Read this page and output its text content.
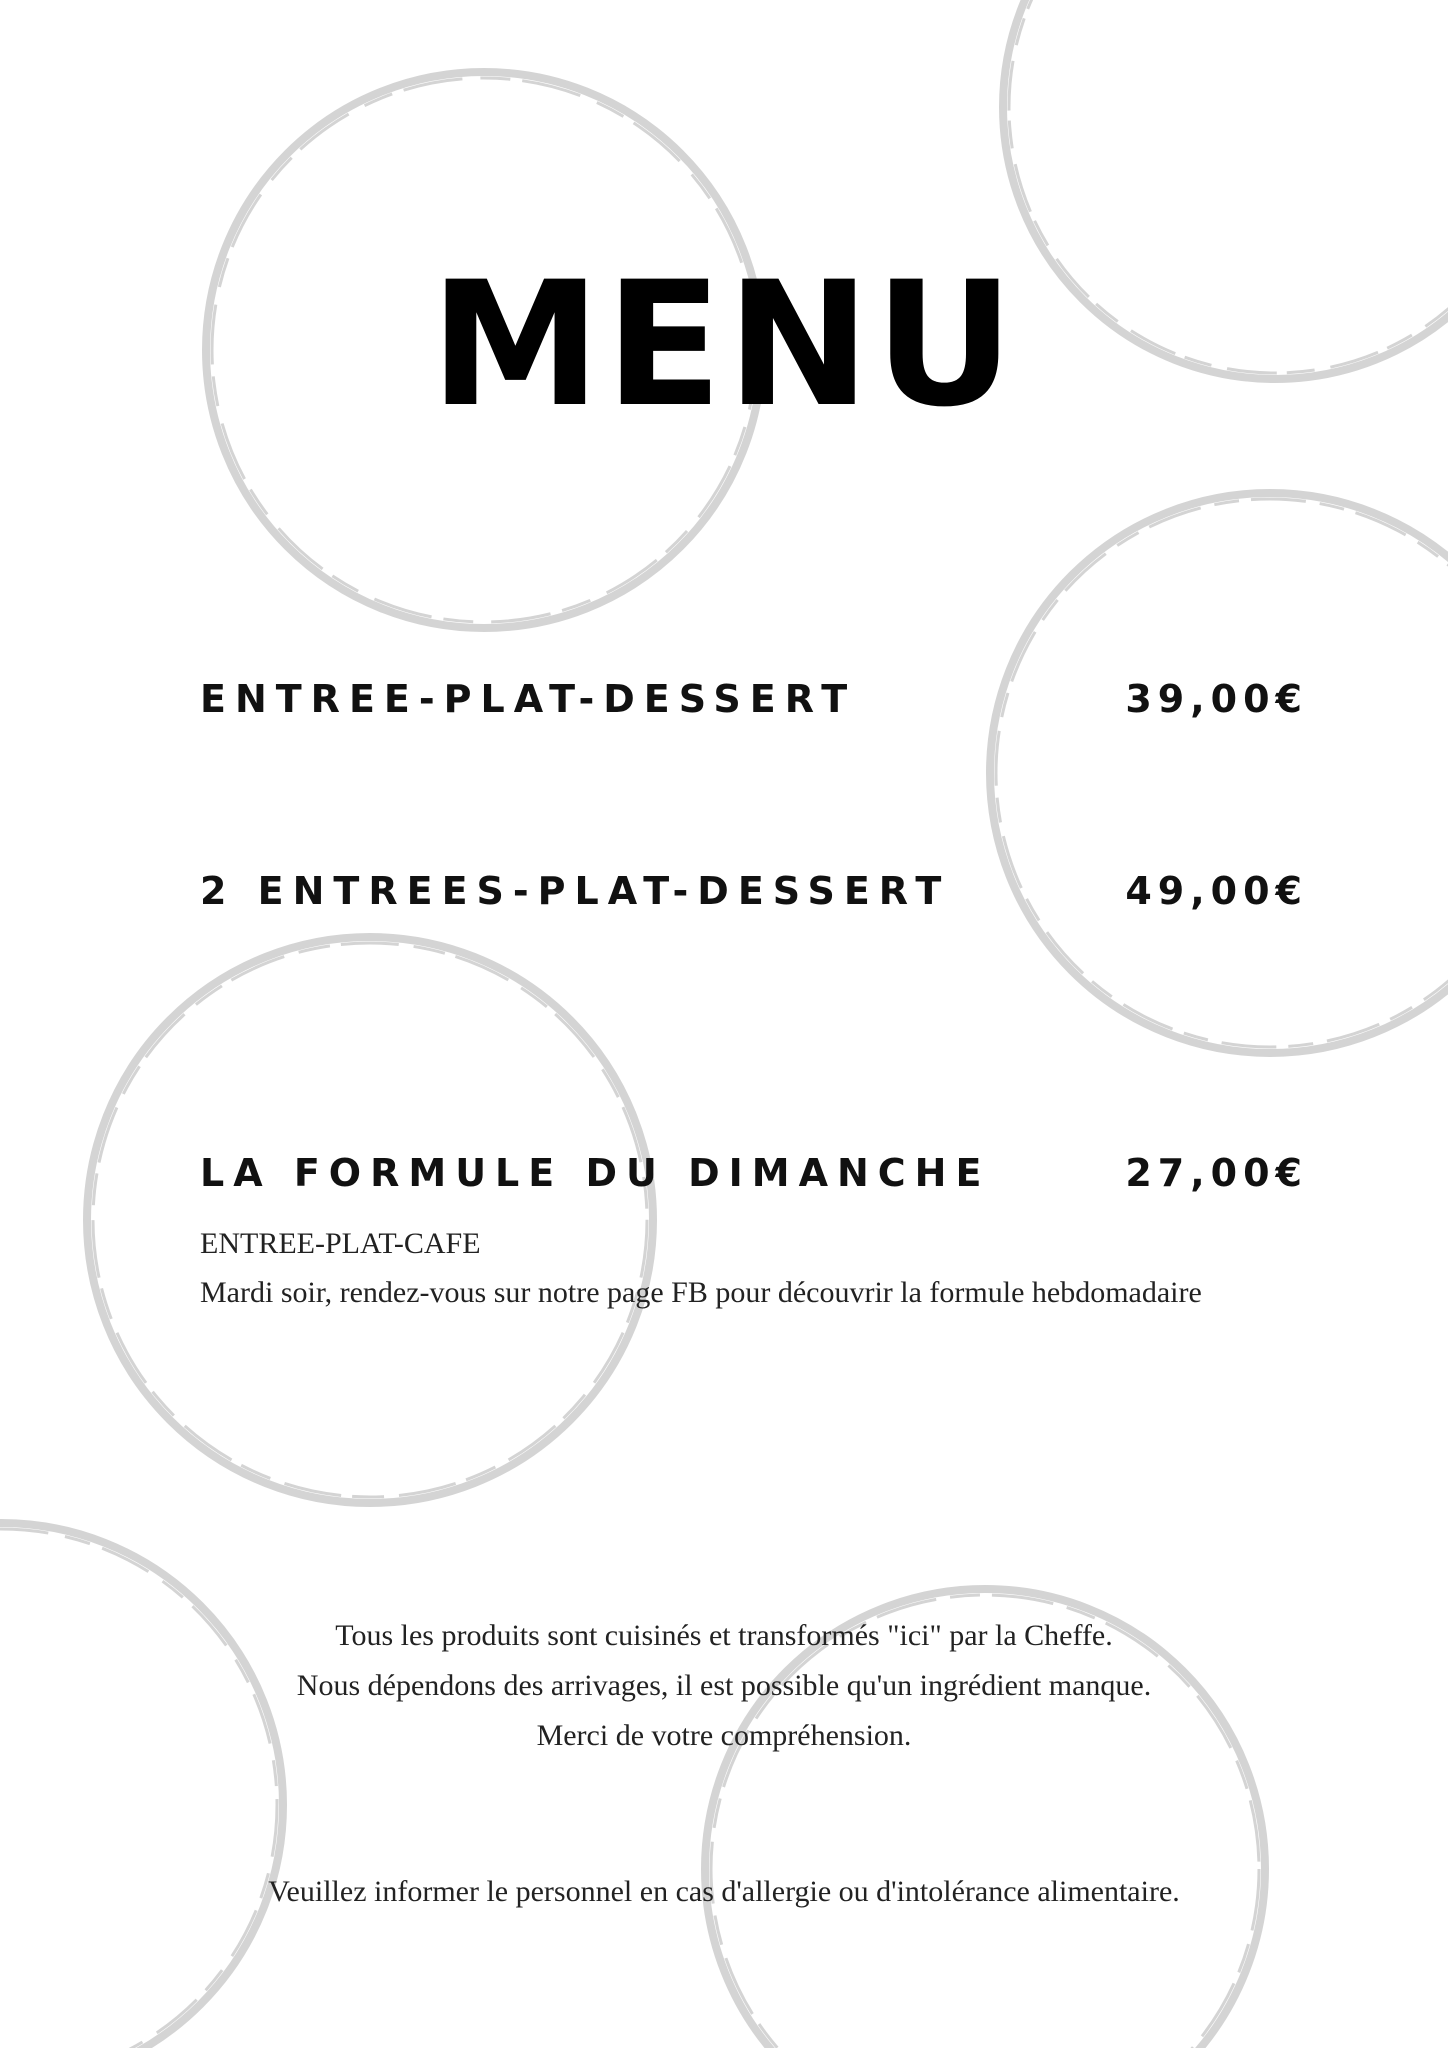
MENU
ENTREE-PLAT-DESSERT	39,00€
2 ENTREES-PLAT-DESSERT	49,00€
LA FORMULE DU DIMANCHE	27,00€
ENTREE-PLAT-CAFE
Mardi soir, rendez-vous sur notre page FB pour découvrir la formule hebdomadaire

Tous les produits sont cuisinés et transformés "ici" par la Cheffe.

Nous dépendons des arrivages, il est possible qu'un ingrédient manque.

Merci de votre compréhension.

Veuillez informer le personnel en cas d'allergie ou d'intolérance alimentaire.
